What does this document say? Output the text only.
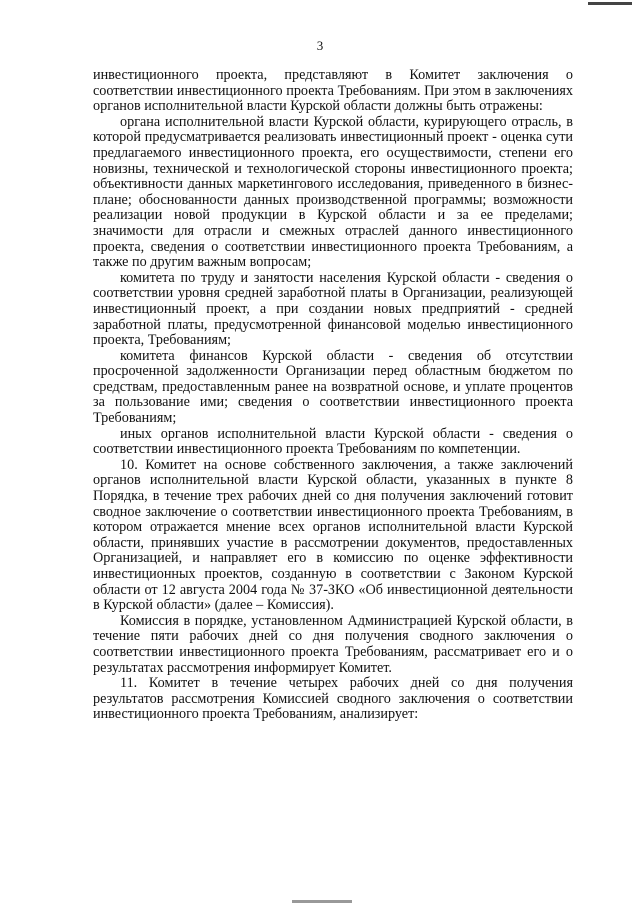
3

инвестиционного проекта, представляют в Комитет заключения о соответствии инвестиционного проекта Требованиям. При этом в заключениях органов исполнительной власти Курской области должны быть отражены:

органа исполнительной власти Курской области, курирующего отрасль, в которой предусматривается реализовать инвестиционный проект - оценка сути предлагаемого инвестиционного проекта, его осуществимости, степени его новизны, технической и технологической стороны инвестиционного проекта; объективности данных маркетингового исследования, приведенного в бизнес-плане; обоснованности данных производственной программы; возможности реализации новой продукции в Курской области и за ее пределами; значимости для отрасли и смежных отраслей данного инвестиционного проекта, сведения о соответствии инвестиционного проекта Требованиям, а также по другим важным вопросам;

комитета по труду и занятости населения Курской области - сведения о соответствии уровня средней заработной платы в Организации, реализующей инвестиционный проект, а при создании новых предприятий - средней заработной платы, предусмотренной финансовой моделью инвестиционного проекта, Требованиям;

комитета финансов Курской области - сведения об отсутствии просроченной задолженности Организации перед областным бюджетом по средствам, предоставленным ранее на возвратной основе, и уплате процентов за пользование ими; сведения о соответствии инвестиционного проекта Требованиям;

иных органов исполнительной власти Курской области - сведения о соответствии инвестиционного проекта Требованиям по компетенции.

10. Комитет на основе собственного заключения, а также заключений органов исполнительной власти Курской области, указанных в пункте 8 Порядка, в течение трех рабочих дней со дня получения заключений готовит сводное заключение о соответствии инвестиционного проекта Требованиям, в котором отражается мнение всех органов исполнительной власти Курской области, принявших участие в рассмотрении документов, предоставленных Организацией, и направляет его в комиссию по оценке эффективности инвестиционных проектов, созданную в соответствии с Законом Курской области от 12 августа 2004 года № 37-ЗКО «Об инвестиционной деятельности в Курской области» (далее – Комиссия).

Комиссия в порядке, установленном Администрацией Курской области, в течение пяти рабочих дней со дня получения сводного заключения о соответствии инвестиционного проекта Требованиям, рассматривает его и о результатах рассмотрения информирует Комитет.

11. Комитет в течение четырех рабочих дней со дня получения результатов рассмотрения Комиссией сводного заключения о соответствии инвестиционного проекта Требованиям, анализирует:
